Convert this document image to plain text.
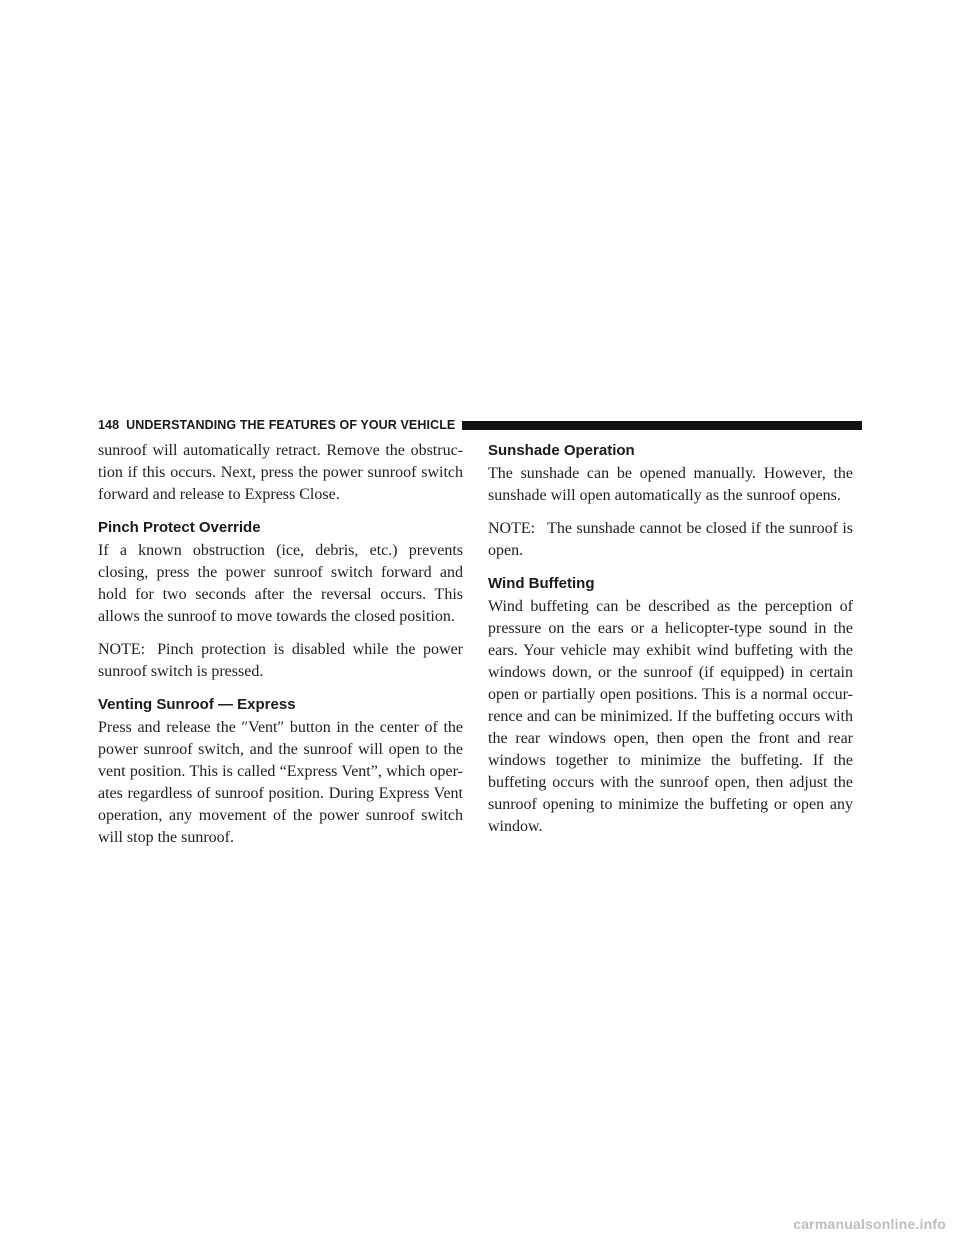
148 UNDERSTANDING THE FEATURES OF YOUR VEHICLE

sunroof will automatically retract. Remove the obstruc-tion if this occurs. Next, press the power sunroof switch forward and release to Express Close.

Pinch Protect Override

If a known obstruction (ice, debris, etc.) prevents closing, press the power sunroof switch forward and hold for two seconds after the reversal occurs. This allows the sunroof to move towards the closed position.

NOTE: Pinch protection is disabled while the power sunroof switch is pressed.

Venting Sunroof — Express

Press and release the ″Vent″ button in the center of the power sunroof switch, and the sunroof will open to the vent position. This is called “Express Vent”, which oper-ates regardless of sunroof position. During Express Vent operation, any movement of the power sunroof switch will stop the sunroof.

Sunshade Operation

The sunshade can be opened manually. However, the sunshade will open automatically as the sunroof opens.

NOTE: The sunshade cannot be closed if the sunroof is open.

Wind Buffeting

Wind buffeting can be described as the perception of pressure on the ears or a helicopter-type sound in the ears. Your vehicle may exhibit wind buffeting with the windows down, or the sunroof (if equipped) in certain open or partially open positions. This is a normal occur-rence and can be minimized. If the buffeting occurs with the rear windows open, then open the front and rear windows together to minimize the buffeting. If the buffeting occurs with the sunroof open, then adjust the sunroof opening to minimize the buffeting or open any window.

carmanualsonline.info
